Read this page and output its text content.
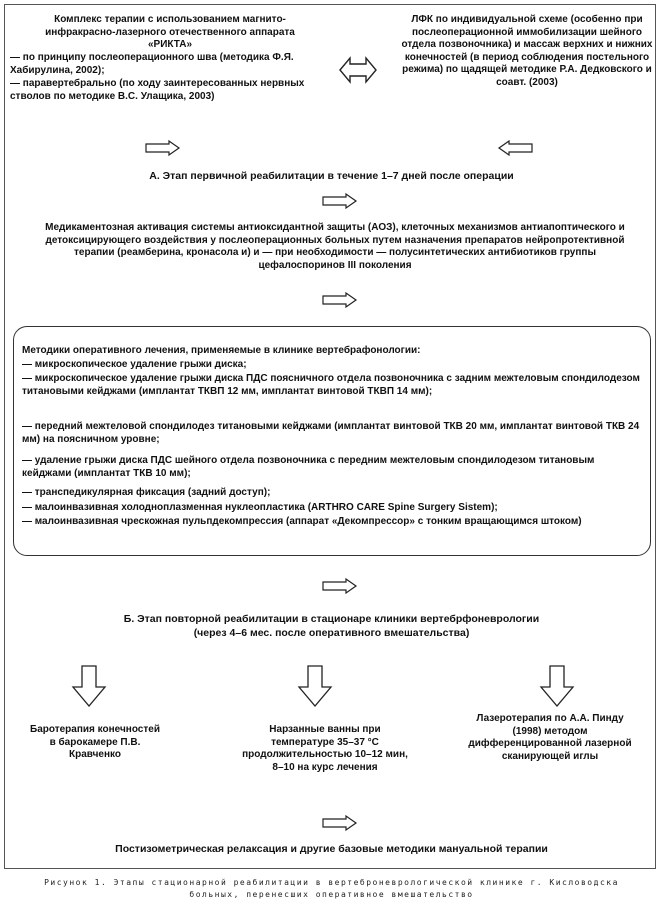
Комплекс терапии с использованием магнито-инфракрасно-лазерного отечественного аппарата «РИКТА»
— по принципу послеоперационного шва (методика Ф.Я. Хабирулина, 2002);
— паравертебрально (по ходу заинтересованных нервных стволов по методике В.С. Улащика, 2003)
ЛФК по индивидуальной схеме (особенно при послеоперационной иммобилизации шейного отдела позвоночника) и массаж верхних и нижних конечностей (в период соблюдения постельного режима) по щадящей методике Р.А. Дедковского и соавт. (2003)
А. Этап первичной реабилитации в течение 1–7 дней после операции
Медикаментозная активация системы антиоксидантной защиты (АОЗ), клеточных механизмов антиапоптического и детоксицирующего воздействия у послеоперационных больных путем назначения препаратов нейропротективной терапии (реамберина, кронасола и) и — при необходимости — полусинтетических антибиотиков группы цефалоспоринов III поколения
Методики оперативного лечения, применяемые в клинике вертебрафонологии:
— микроскопическое удаление грыжи диска;
— микроскопическое удаление грыжи диска ПДС поясничного отдела позвоночника с задним межтеловым спондилодезом титановыми кейджами (имплантат ТКВП 12 мм, имплантат винтовой ТКВП 14 мм);
— передний межтеловой спондилодез титановыми кейджами (имплантат винтовой ТКВ 20 мм, имплантат винтовой ТКВ 24 мм) на поясничном уровне;
— удаление грыжи диска ПДС шейного отдела позвоночника с передним межтеловым спондилодезом титановым кейджами (имплантат ТКВ 10 мм);
— транспедикулярная фиксация (задний доступ);
— малоинвазивная холодноплазменная нуклеопластика (ARTHRO CARE Spine Surgery Sistem);
— малоинвазивная чрескожная пульпдекомпрессия (аппарат «Декомпрессор» с тонким вращающимся штоком)
Б. Этап повторной реабилитации в стационаре клиники вертебрфоневрологии
(через 4–6 мес. после оперативного вмешательства)
Баротерапия конечностей в барокамере П.В. Кравченко
Нарзанные ванны при температуре 35–37 °С продолжительностью 10–12 мин, 8–10 на курс лечения
Лазеротерапия по А.А. Пинду (1998) методом дифференцированной лазерной сканирующей иглы
Постизометрическая релаксация и другие базовые методики мануальной терапии
Рисунок 1. Этапы стационарной реабилитации в вертеброневрологической клинике г. Кисловодска
больных, перенесших оперативное вмешательство
